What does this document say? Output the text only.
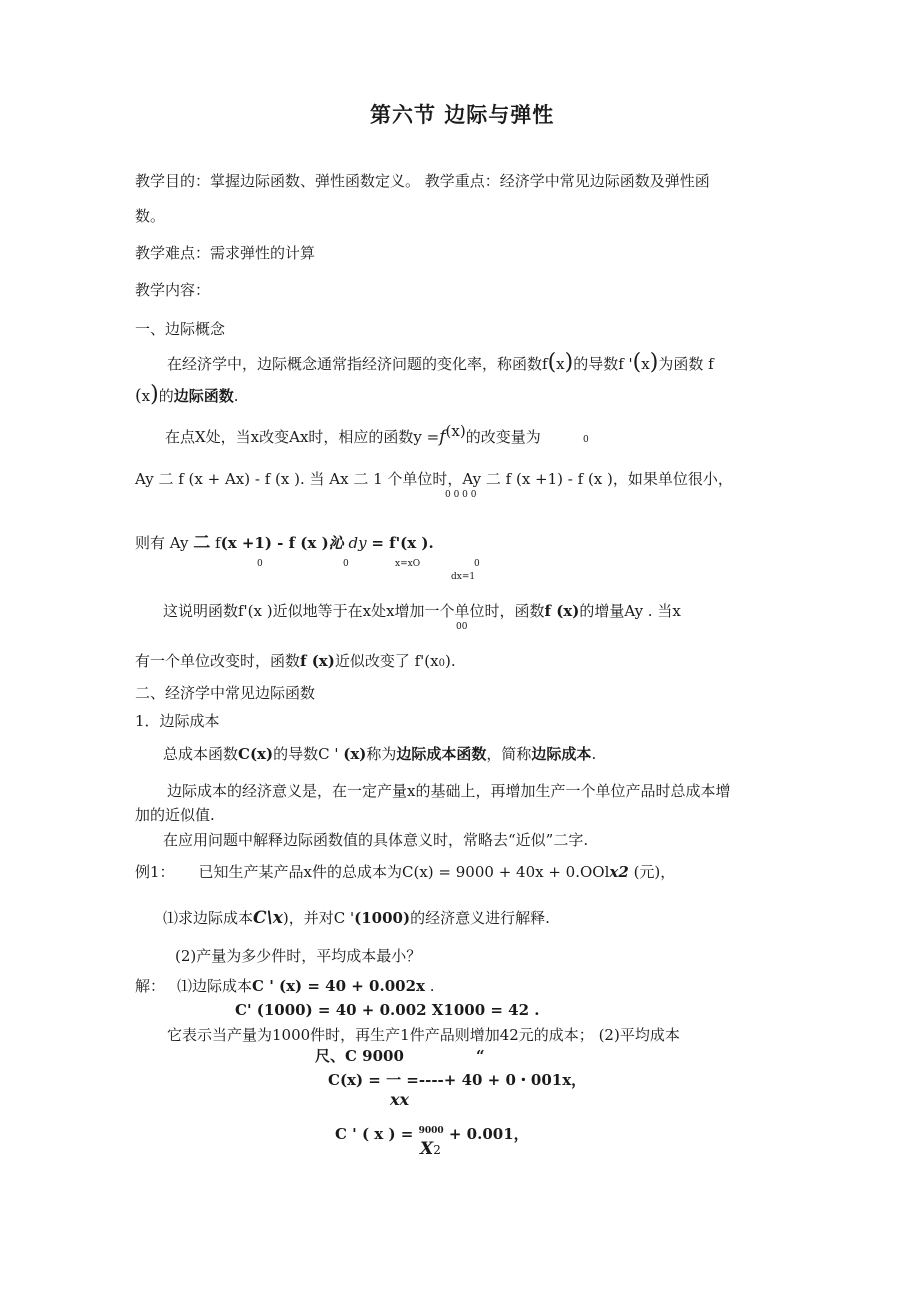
第六节 边际与弹性
教学目的：掌握边际函数、弹性函数定义。 教学重点：经济学中常见边际函数及弹性函
数。
教学难点：需求弹性的计算
教学内容：
一、边际概念
在经济学中，边际概念通常指经济问题的变化率，称函数f(x)的导数f '(x)为函数 f
(x)的边际函数.
在点X处，当x改变Ax时，相应的函数y =f(x)的改变量为	0
Ay 二 f (x + Ax) - f (x ). 当 Ax 二 1 个单位时，Ay 二 f (x +1) - f (x )，如果单位很小，
0 0 0 0
则有 Ay 二 f(x +1) - f (x )沁 dy = f'(x ).
0	0	x=xO	0
dx=1
这说明函数f'(x )近似地等于在x处x增加一个单位时，函数f (x)的增量Ay . 当x
00
有一个单位改变时，函数f (x)近似改变了 f'(x0).
二、经济学中常见边际函数
1．边际成本
总成本函数C(x)的导数C ' (x)称为边际成本函数，简称边际成本.
边际成本的经济意义是，在一定产量x的基础上，再增加生产一个单位产品时总成本增
加的近似值.
在应用问题中解释边际函数值的具体意义时，常略去“近似”二字.
例1： 已知生产某产品x件的总成本为C(x) = 9000 + 40x + 0.OOlx2 (元)，
⑴求边际成本C\x)，并对C '(1000)的经济意义进行解释.
(2)产量为多少件时，平均成本最小？
解： ⑴边际成本C ' (x) = 40 + 0.002x .
C' (1000) = 40 + 0.002 X1000 = 42 .
它表示当产量为1000件时，再生产1件产品则增加42元的成本； (2)平均成本
尺、C 9000	“
C(x) = 一 =----+ 40 + 0・001x，
xx
C ' ( x ) = $^{9000}$ + 0.001，
X2
